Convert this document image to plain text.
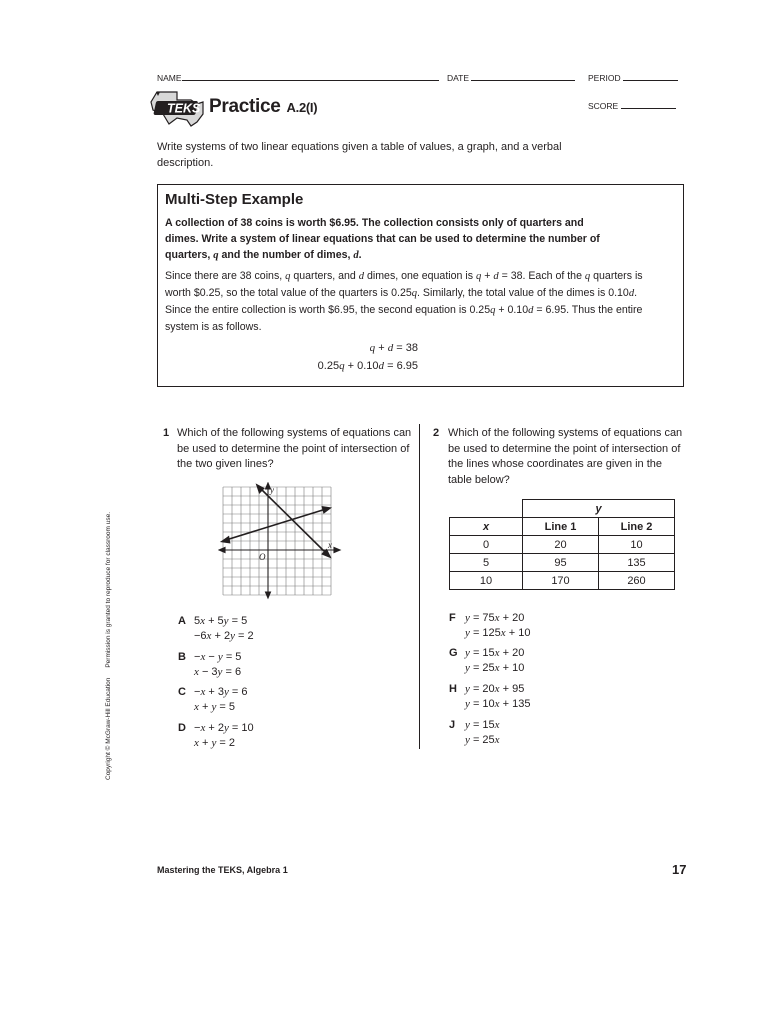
NAME	DATE	PERIOD
TEKS Practice A.2(I)	SCORE
Write systems of two linear equations given a table of values, a graph, and a verbal description.
Multi-Step Example
A collection of 38 coins is worth $6.95. The collection consists only of quarters and dimes. Write a system of linear equations that can be used to determine the number of quarters, q and the number of dimes, d.
Since there are 38 coins, q quarters, and d dimes, one equation is q + d = 38. Each of the q quarters is worth $0.25, so the total value of the quarters is 0.25q. Similarly, the total value of the dimes is 0.10d. Since the entire collection is worth $6.95, the second equation is 0.25q + 0.10d = 6.95. Thus the entire system is as follows.
q + d = 38
0.25q + 0.10d = 6.95
1 Which of the following systems of equations can be used to determine the point of intersection of the two given lines?
y
x
O
A 5x + 5y = 5
−6x + 2y = 2
B −x − y = 5
x − 3y = 6
C −x + 3y = 6
x + y = 5
D −x + 2y = 10
x + y = 2
2 Which of the following systems of equations can be used to determine the point of intersection of the lines whose coordinates are given in the table below?
	y	
x	Line 1	Line 2
0	20	10
5	95	135
10	170	260
F y = 75x + 20
y = 125x + 10
G y = 15x + 20
y = 25x + 10
H y = 20x + 95
y = 10x + 135
J y = 15x
y = 25x
Copyright © McGraw-Hill EducationPermission is granted to reproduce for classroom use.
Mastering the TEKS, Algebra 1	17
